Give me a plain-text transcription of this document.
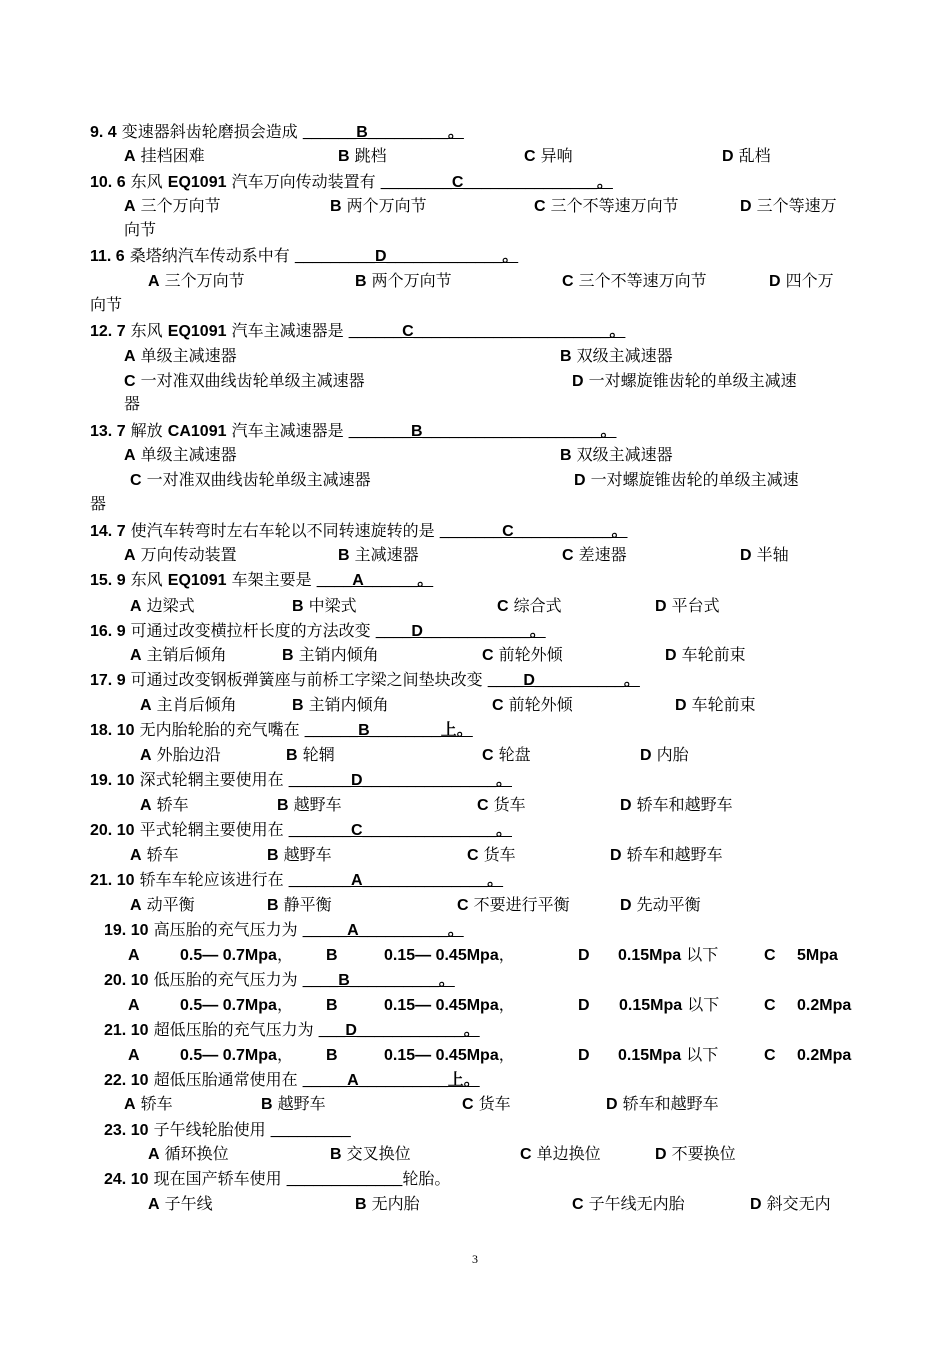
9. 4 变速器斜齿轮磨损会造成 ______B_________。
A 挂档困难	B 跳档	C 异响	D 乱档
10. 6 东风 EQ1091 汽车万向传动装置有 ________C_______________。
A 三个万向节	B 两个万向节	C 三个不等速万向节	D 三个等速万
向节
11. 6 桑塔纳汽车传动系中有 _________D_____________。
A 三个万向节	B 两个万向节	C 三个不等速万向节	D 四个万
向节
12. 7 东风 EQ1091 汽车主减速器是 ______C______________________。
A 单级主减速器	B 双级主减速器
C 一对准双曲线齿轮单级主减速器	D 一对螺旋锥齿轮的单级主减速
器
13. 7 解放 CA1091 汽车主减速器是 _______B____________________。
A 单级主减速器	B 双级主减速器
C 一对准双曲线齿轮单级主减速器	D 一对螺旋锥齿轮的单级主减速
器
14. 7 使汽车转弯时左右车轮以不同转速旋转的是 _______C___________。
A 万向传动装置	B 主减速器	C 差速器	D 半轴
15. 9 东风 EQ1091 车架主要是 ____A______。
A 边梁式	B 中梁式	C 综合式	D 平台式
16. 9 可通过改变横拉杆长度的方法改变 ____D____________。
A 主销后倾角	B 主销内倾角	C 前轮外倾	D 车轮前束
17. 9 可通过改变钢板弹簧座与前桥工字梁之间垫块改变 ____D__________。
A 主肖后倾角	B 主销内倾角	C 前轮外倾	D 车轮前束
18. 10 无内胎轮胎的充气嘴在 ______B________上。
A 外胎边沿	B 轮辋	C 轮盘	D 内胎
19. 10 深式轮辋主要使用在 _______D_______________。
A 轿车	B 越野车	C 货车	D 轿车和越野车
20. 10 平式轮辋主要使用在 _______C_______________。
A 轿车	B 越野车	C 货车	D 轿车和越野车
21. 10 轿车车轮应该进行在 _______A______________。
A 动平衡	B 静平衡	C 不要进行平衡	D 先动平衡
19. 10 高压胎的充气压力为 _____A__________。
A	0.5— 0.7Mpa， B	0.15— 0.45Mpa，	D 0.15Mpa 以下	C 5Mpa
20. 10 低压胎的充气压力为 ____B__________。
A	0.5— 0.7Mpa， B	0.15— 0.45Mpa，	D 0.15Mpa 以下	C 0.2Mpa
21. 10 超低压胎的充气压力为 ___D____________。
A	0.5— 0.7Mpa， B	0.15— 0.45Mpa，	D 0.15Mpa 以下	C 0.2Mpa
22. 10 超低压胎通常使用在 _____A__________上。
A 轿车	B 越野车	C 货车	D 轿车和越野车
23. 10 子午线轮胎使用 _________
A 循环换位	B 交叉换位	C 单边换位	D 不要换位
24. 10 现在国产轿车使用 _____________轮胎。
A 子午线	B 无内胎	C 子午线无内胎	D 斜交无内
3
